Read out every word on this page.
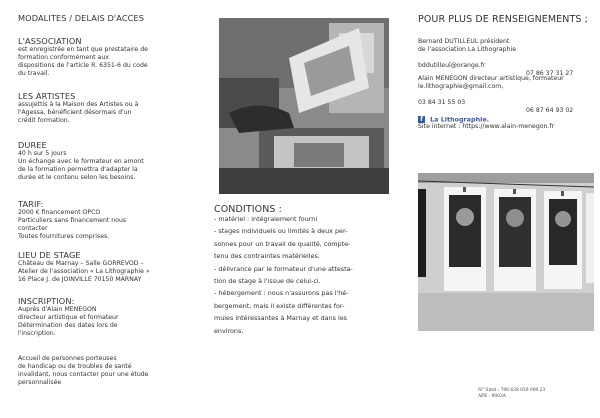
MODALITES / DELAIS D'ACCES

L'ASSOCIATION

est enregistrée en tant que prestataire de
formation conformément aux
dispositions de l'article R. 6351-6 du code
du travail.

LES ARTISTES

assujettis à la Maison des Artistes ou à
l'Agessa, bénéficient désormais d'un
crédit formation.

DUREE

40 h sur 5 jours
Un échange avec le formateur en amont
de la formation permettra d'adapter la
durée et le contenu selon les besoins.

TARIF:

2000 € financement OPCO
Particuliers sans financement nous
contacter
Toutes fournitures comprises.

LIEU DE STAGE

Château de Marnay – Salle GORREVOD –
Atelier de l'association « La Lithographie »
16 Place J. de JOINVILLE 70150 MARNAY

INSCRIPTION:

Auprès d'Alain MENEGON
directeur artistique et formateur
Détermination des dates lors de
l'inscription.

Accueil de personnes porteuses
de handicap ou de troubles de santé
invalidant, nous contacter pour une étude
personnalisée

CONDITIONS :

- matériel : intégralement fourni

- stages individuels ou limités à deux per-

sonnes pour un travail de qualité, compte-

tenu des contraintes matérielles.

- délivrance par le formateur d'une attesta-

tion de stage à l'issue de celui-ci.

- hébergement : nous n'assurons pas l'hé-

bergement, mais il existe différentes for-

mules intéressantes à Marnay et dans les

environs.

POUR PLUS DE RENSEIGNEMENTS ;

Bernard DUTILLEUL président

de l'association La Lithographie

bddutilleul@orange.fr

07 86 37 31 27

Alain MENEGON directeur artistique, formateur

le.lithographie@gmail.com,

03 84 31 55 03

06 87 64 93 02

f La Lithographie.

Site internet : https://www.alain-menegon.fr

N° Siret : 788 638 059 000 23
APE : 9003A
